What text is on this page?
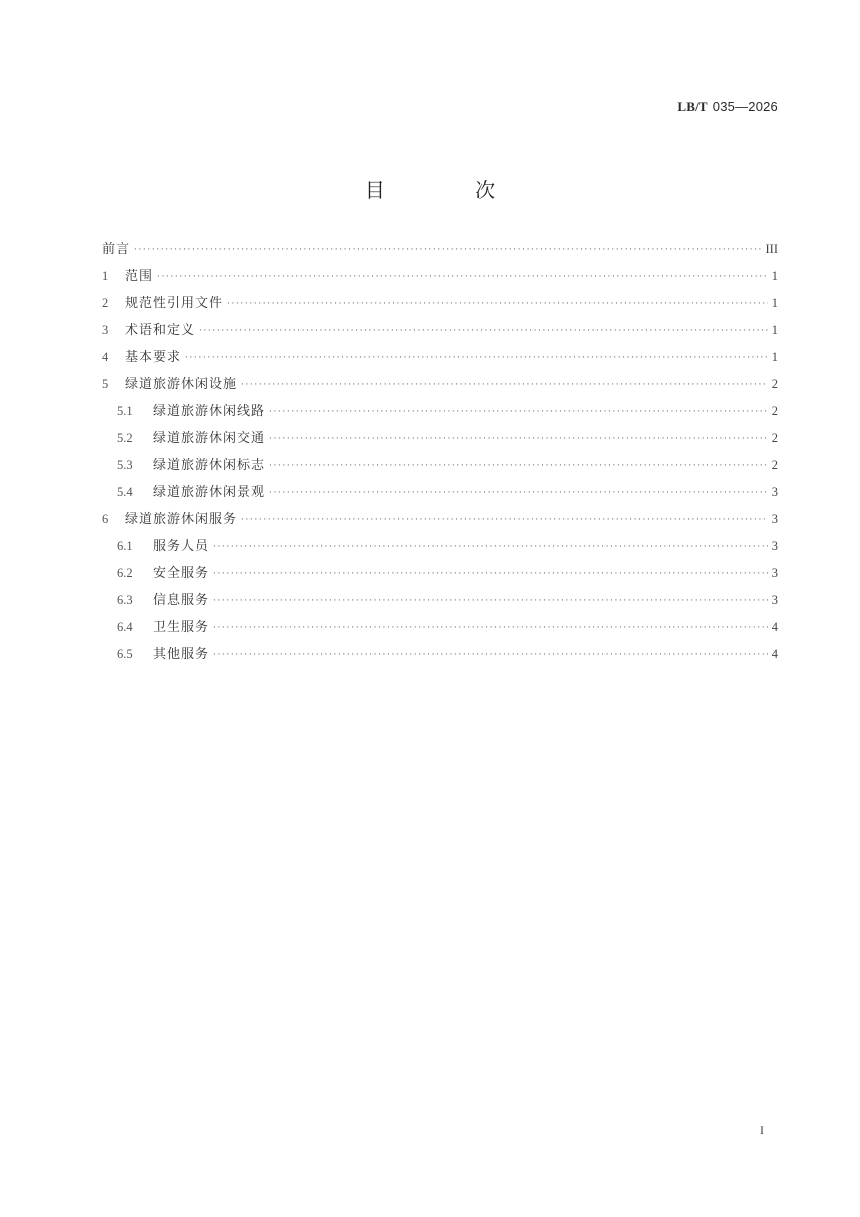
LB/T 035—2026
目 次
前言 ·····	III
1	范围 ·····	1
2	规范性引用文件 ·····	1
3	术语和定义 ·····	1
4	基本要求 ·····	1
5	绿道旅游休闲设施 ·····	2
5.1	绿道旅游休闲线路 ·····	2
5.2	绿道旅游休闲交通 ·····	2
5.3	绿道旅游休闲标志 ·····	2
5.4	绿道旅游休闲景观 ·····	3
6	绿道旅游休闲服务 ·····	3
6.1	服务人员 ·····	3
6.2	安全服务 ·····	3
6.3	信息服务 ·····	3
6.4	卫生服务 ·····	4
6.5	其他服务 ·····	4
I
